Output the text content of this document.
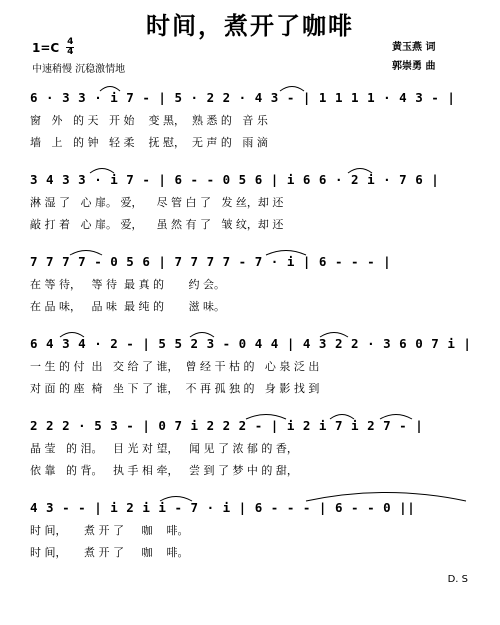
时间，煮开了咖啡
$1=C \frac{4}{4}$
中速稍慢 沉稳激情地
黄玉燕 词
郭崇勇 曲
6 · 3 3 · i 7 - | 5 · 2 2 · 4 3 - | 1 1 1 1 · 4 3 - |
窗   外   的 天   开 始    变 黑，  熟 悉 的   音 乐
墙   上   的 钟   轻 柔    抚 慰，  无 声 的   雨 滴
3 4 3 3 · i 7 - | 6 - - 0 5 6 | i 6 6 · 2 i · 7 6 |
淋 湿 了   心 扉。 爱，    尽 管 白 了   发 丝，却 还
敲 打 着   心 扉。 爱，    虽 然 有 了   皱 纹，却 还
7 7 7 7 - 0 5 6 | 7 7 7 7 - 7 · i | 6 - - - |
在 等 待，   等 待  最 真 的       约 会。
在 品 味，   品 味  最 纯 的       滋 味。
6 4 3 4 · 2 - | 5 5 2 3 - 0 4 4 | 4 3 2 2 · 3 6 0 7 i |
一 生 的 付  出   交 给 了 谁，  曾 经 干 枯 的   心 泉 泛 出
对 面 的 座  椅   坐 下 了 谁，  不 再 孤 独 的   身 影 找 到
2 2 2 · 5 3 - | 0 7 i 2 2 2 - | i 2 i 7 i 2 7 - |
晶 莹   的 泪。   目 光 对 望，   闻 见 了 浓 郁 的 香，
依 靠   的 背。   执 手 相 牵，   尝 到 了 梦 中 的 甜，
4 3 - - | i 2 i i - 7 · i | 6 - - - | 6 - - 0 ||
时 间，     煮 开 了     咖    啡。
时 间，     煮 开 了     咖    啡。
D. S
